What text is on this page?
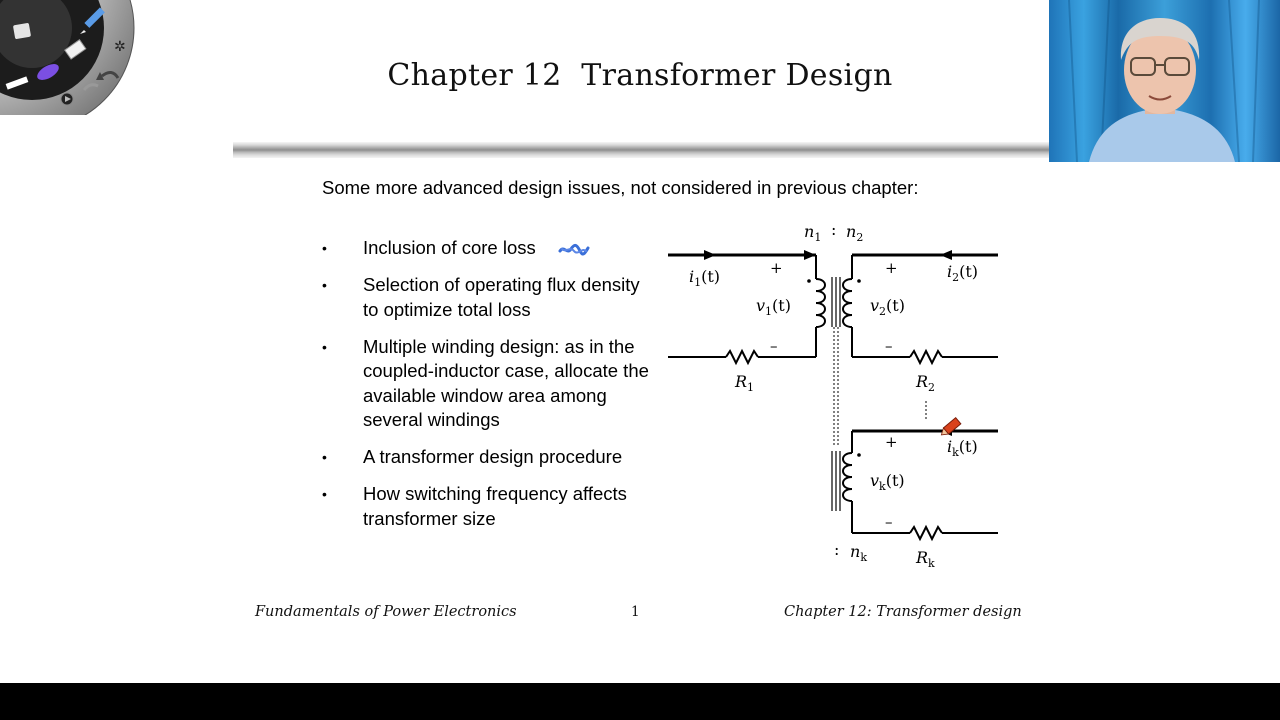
Chapter 12  Transformer Design
Some more advanced design issues, not considered in previous chapter:
• Inclusion of core loss
• Selection of operating flux density to optimize total loss
• Multiple winding design: as in the coupled-inductor case, allocate the available window area among several windings
• A transformer design procedure
• How switching frequency affects transformer size
$n_1$ : $n_2$
$i_1(t)$	$i_2(t)$
$i_k(t)$
$v_1(t)$	$v_2(t)$
$v_k(t)$
+
–
+
–
+
–
$R_1$	$R_2$
$R_k$
: $n_k$
Fundamentals of Power Electronics	1	Chapter 12: Transformer design
✲
